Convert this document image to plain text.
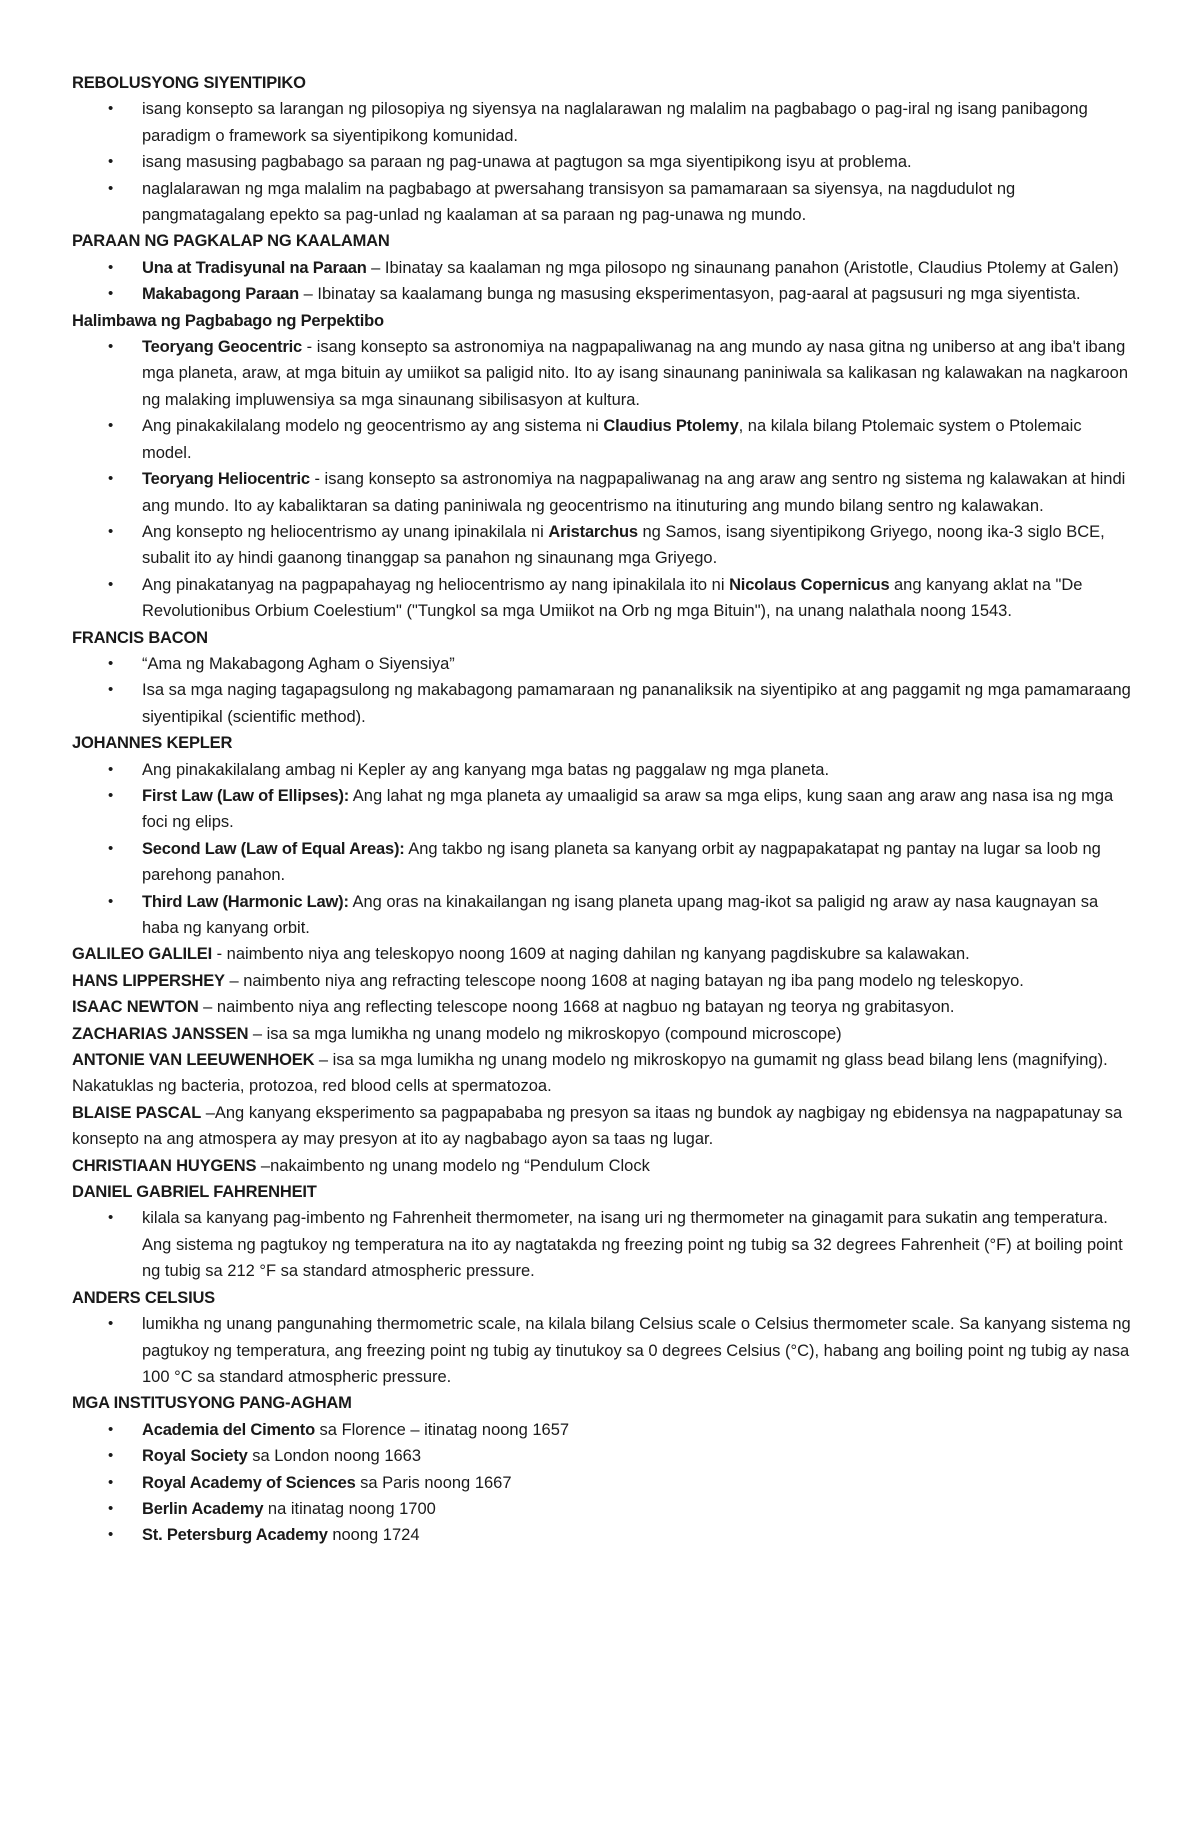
REBOLUSYONG SIYENTIPIKO
• isang konsepto sa larangan ng pilosopiya ng siyensya na naglalarawan ng malalim na pagbabago o pag-iral ng isang panibagong paradigm o framework sa siyentipikong komunidad.
• isang masusing pagbabago sa paraan ng pag-unawa at pagtugon sa mga siyentipikong isyu at problema.
• naglalarawan ng mga malalim na pagbabago at pwersahang transisyon sa pamamaraan sa siyensya, na nagdudulot ng pangmatagalang epekto sa pag-unlad ng kaalaman at sa paraan ng pag-unawa ng mundo.
PARAAN NG PAGKALAP NG KAALAMAN
• Una at Tradisyunal na Paraan – Ibinatay sa kaalaman ng mga pilosopo ng sinaunang panahon (Aristotle, Claudius Ptolemy at Galen)
• Makabagong Paraan – Ibinatay sa kaalamang bunga ng masusing eksperimentasyon, pag-aaral at pagsusuri ng mga siyentista.
Halimbawa ng Pagbabago ng Perpektibo
• Teoryang Geocentric - isang konsepto sa astronomiya na nagpapaliwanag na ang mundo ay nasa gitna ng uniberso at ang iba't ibang mga planeta, araw, at mga bituin ay umiikot sa paligid nito. Ito ay isang sinaunang paniniwala sa kalikasan ng kalawakan na nagkaroon ng malaking impluwensiya sa mga sinaunang sibilisasyon at kultura.
• Ang pinakakilalang modelo ng geocentrismo ay ang sistema ni Claudius Ptolemy, na kilala bilang Ptolemaic system o Ptolemaic model.
• Teoryang Heliocentric - isang konsepto sa astronomiya na nagpapaliwanag na ang araw ang sentro ng sistema ng kalawakan at hindi ang mundo. Ito ay kabaliktaran sa dating paniniwala ng geocentrismo na itinuturing ang mundo bilang sentro ng kalawakan.
• Ang konsepto ng heliocentrismo ay unang ipinakilala ni Aristarchus ng Samos, isang siyentipikong Griyego, noong ika-3 siglo BCE, subalit ito ay hindi gaanong tinanggap sa panahon ng sinaunang mga Griyego.
• Ang pinakatanyag na pagpapahayag ng heliocentrismo ay nang ipinakilala ito ni Nicolaus Copernicus ang kanyang aklat na "De Revolutionibus Orbium Coelestium" ("Tungkol sa mga Umiikot na Orb ng mga Bituin"), na unang nalathala noong 1543.
FRANCIS BACON
• “Ama ng Makabagong Agham o Siyensiya”
• Isa sa mga naging tagapagsulong ng makabagong pamamaraan ng pananaliksik na siyentipiko at ang paggamit ng mga pamamaraang siyentipikal (scientific method).
JOHANNES KEPLER
• Ang pinakakilalang ambag ni Kepler ay ang kanyang mga batas ng paggalaw ng mga planeta.
• First Law (Law of Ellipses): Ang lahat ng mga planeta ay umaaligid sa araw sa mga elips, kung saan ang araw ang nasa isa ng mga foci ng elips.
• Second Law (Law of Equal Areas): Ang takbo ng isang planeta sa kanyang orbit ay nagpapakatapat ng pantay na lugar sa loob ng parehong panahon.
• Third Law (Harmonic Law): Ang oras na kinakailangan ng isang planeta upang mag-ikot sa paligid ng araw ay nasa kaugnayan sa haba ng kanyang orbit.

GALILEO GALILEI - naimbento niya ang teleskopyo noong 1609 at naging dahilan ng kanyang pagdiskubre sa kalawakan.

HANS LIPPERSHEY – naimbento niya ang refracting telescope noong 1608 at naging batayan ng iba pang modelo ng teleskopyo.

ISAAC NEWTON – naimbento niya ang reflecting telescope noong 1668 at nagbuo ng batayan ng teorya ng grabitasyon.

ZACHARIAS JANSSEN – isa sa mga lumikha ng unang modelo ng mikroskopyo (compound microscope)

ANTONIE VAN LEEUWENHOEK – isa sa mga lumikha ng unang modelo ng mikroskopyo na gumamit ng glass bead bilang lens (magnifying). Nakatuklas ng bacteria, protozoa, red blood cells at spermatozoa.

BLAISE PASCAL –Ang kanyang eksperimento sa pagpapababa ng presyon sa itaas ng bundok ay nagbigay ng ebidensya na nagpapatunay sa konsepto na ang atmospera ay may presyon at ito ay nagbabago ayon sa taas ng lugar.

CHRISTIAAN HUYGENS –nakaimbento ng unang modelo ng “Pendulum Clock

DANIEL GABRIEL FAHRENHEIT
• kilala sa kanyang pag-imbento ng Fahrenheit thermometer, na isang uri ng thermometer na ginagamit para sukatin ang temperatura. Ang sistema ng pagtukoy ng temperatura na ito ay nagtatakda ng freezing point ng tubig sa 32 degrees Fahrenheit (°F) at boiling point ng tubig sa 212 °F sa standard atmospheric pressure.
ANDERS CELSIUS
• lumikha ng unang pangunahing thermometric scale, na kilala bilang Celsius scale o Celsius thermometer scale. Sa kanyang sistema ng pagtukoy ng temperatura, ang freezing point ng tubig ay tinutukoy sa 0 degrees Celsius (°C), habang ang boiling point ng tubig ay nasa 100 °C sa standard atmospheric pressure.
MGA INSTITUSYONG PANG-AGHAM
• Academia del Cimento sa Florence – itinatag noong 1657
• Royal Society sa London noong 1663
• Royal Academy of Sciences sa Paris noong 1667
• Berlin Academy na itinatag noong 1700
• St. Petersburg Academy noong 1724
